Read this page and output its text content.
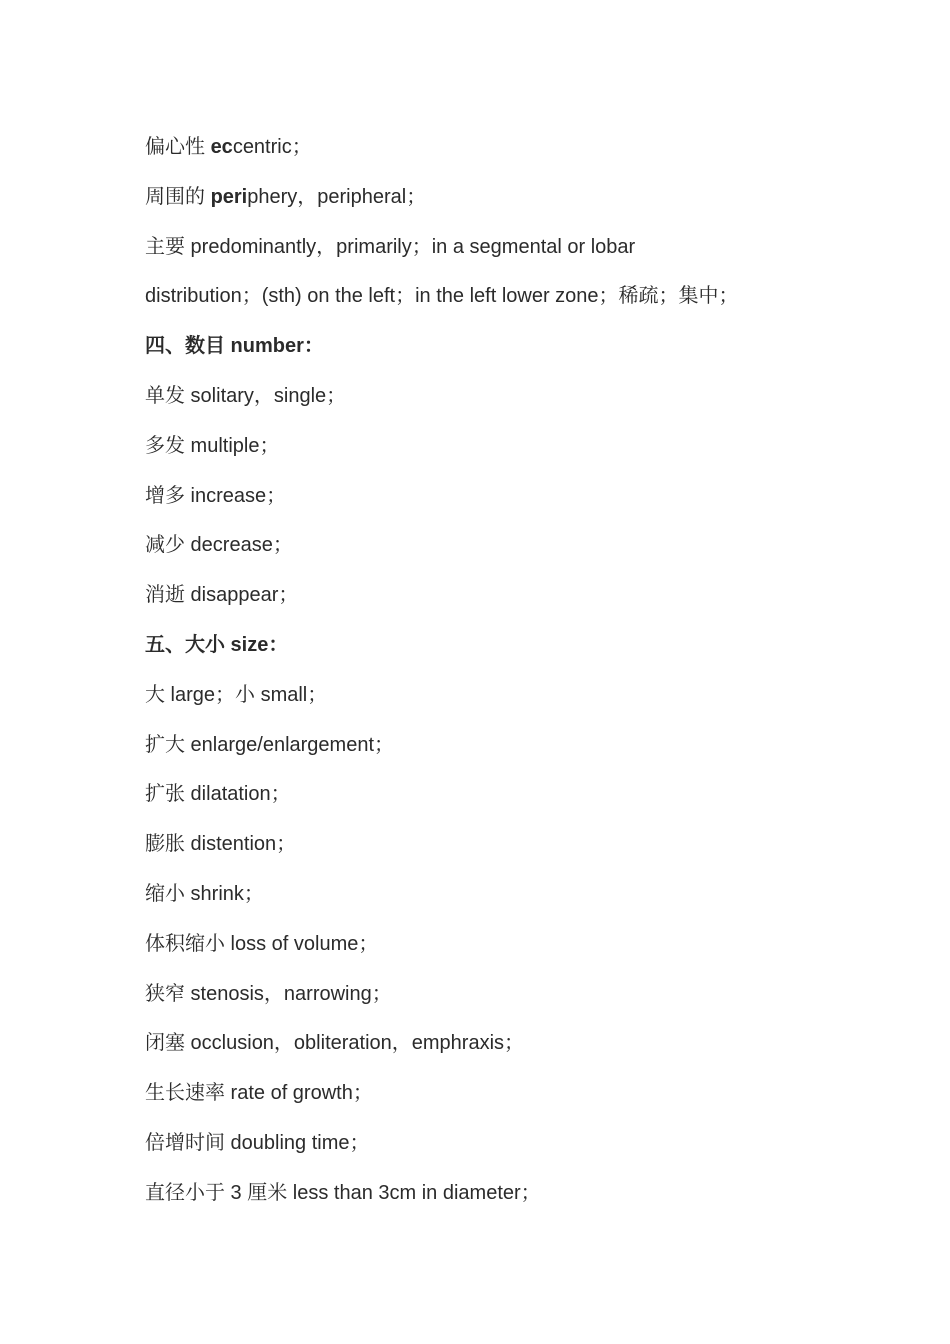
偏心性 eccentric；
周围的 periphery，peripheral；
主要 predominantly，primarily；in a segmental or lobar
distribution；(sth) on the left；in the left lower zone；稀疏；集中；
四、数目 number：
单发 solitary，single；
多发 multiple；
增多 increase；
减少 decrease；
消逝 disappear；
五、大小 size：
大 large；小 small；
扩大 enlarge/enlargement；
扩张 dilatation；
膨胀 distention；
缩小 shrink；
体积缩小 loss of volume；
狭窄 stenosis，narrowing；
闭塞 occlusion，obliteration，emphraxis；
生长速率 rate of growth；
倍增时间 doubling time；
直径小于 3 厘米 less than 3cm in diameter；
